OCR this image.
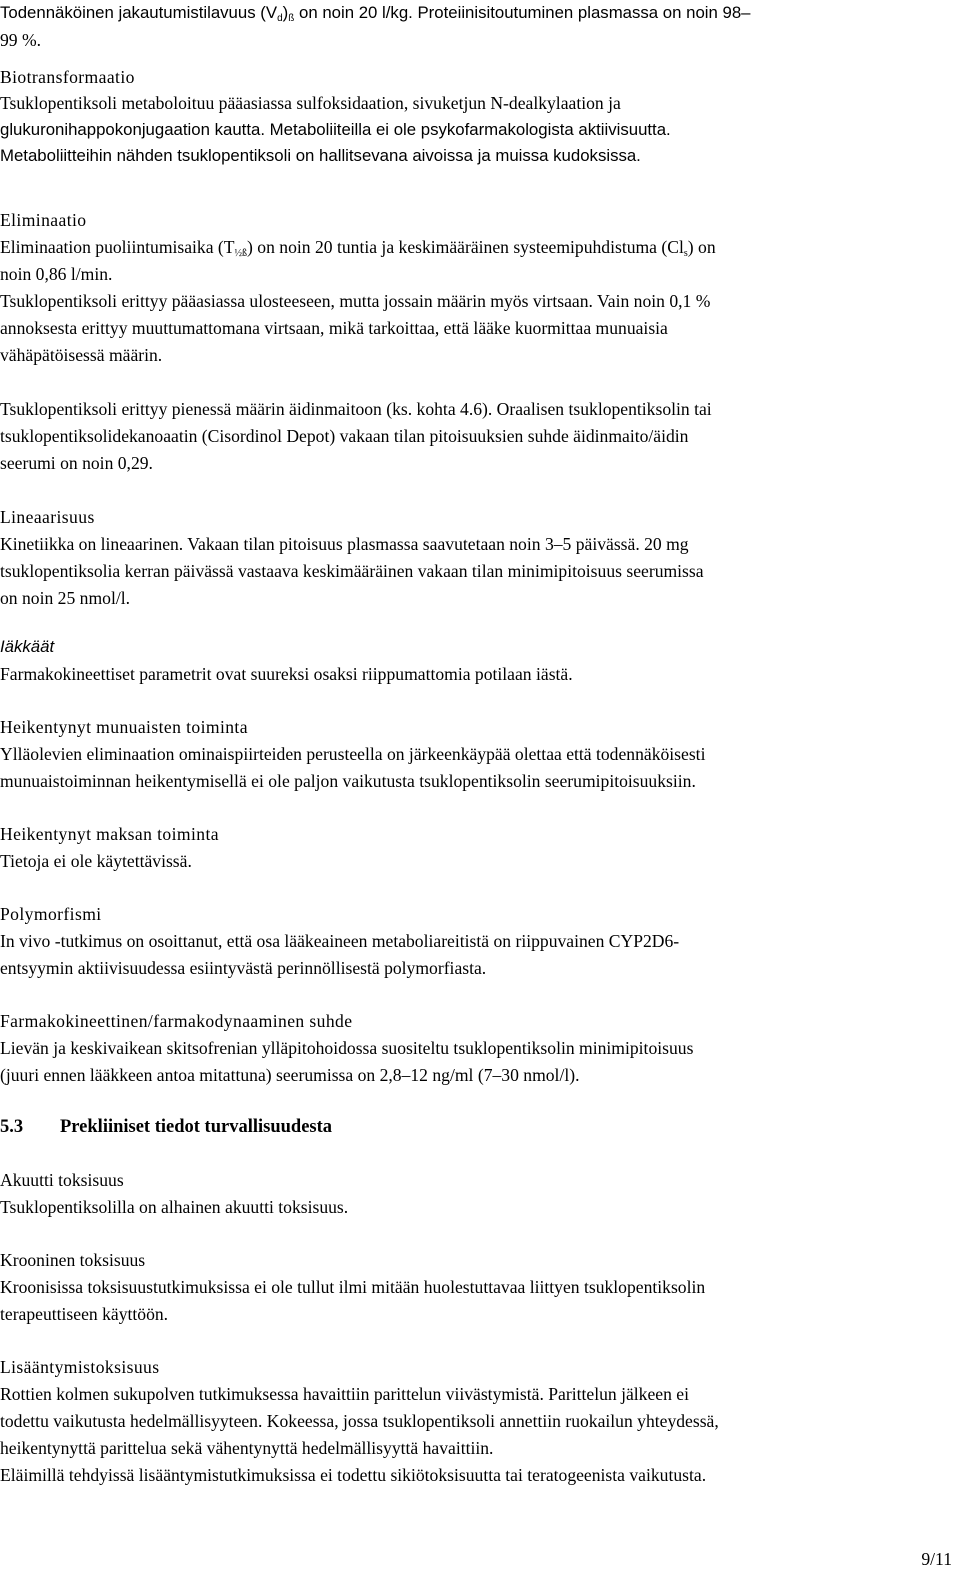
Todennäköinen jakautumistilavuus $(V_d)_ß$ on noin 20 l/kg. Proteiinisitoutuminen plasmassa on noin 98–
99 %.
Biotransformaatio
Tsuklopentiksoli metaboloituu pääasiassa sulfoksidaation, sivuketjun N-dealkylaation ja
glukuronihappokonjugaation kautta. Metaboliiteilla ei ole psykofarmakologista aktiivisuutta.
Metaboliitteihin nähden tsuklopentiksoli on hallitsevana aivoissa ja muissa kudoksissa.
Eliminaatio
Eliminaation puoliintumisaika $(T_{\frac{1}{2}ß})$ on noin 20 tuntia ja keskimääräinen systeemipuhdistuma $(Cl_s)$ on
noin 0,86 l/min.
Tsuklopentiksoli erittyy pääasiassa ulosteeseen, mutta jossain määrin myös virtsaan. Vain noin 0,1 %
annoksesta erittyy muuttumattomana virtsaan, mikä tarkoittaa, että lääke kuormittaa munuaisia
vähäpätöisessä määrin.
Tsuklopentiksoli erittyy pienessä määrin äidinmaitoon (ks. kohta 4.6). Oraalisen tsuklopentiksolin tai
tsuklopentiksolidekanoaatin (Cisordinol Depot) vakaan tilan pitoisuuksien suhde äidinmaito/äidin
seerumi on noin 0,29.
Lineaarisuus
Kinetiikka on lineaarinen. Vakaan tilan pitoisuus plasmassa saavutetaan noin 3–5 päivässä. 20 mg
tsuklopentiksolia kerran päivässä vastaava keskimääräinen vakaan tilan minimipitoisuus seerumissa
on noin 25 nmol/l.
Iäkkäät
Farmakokineettiset parametrit ovat suureksi osaksi riippumattomia potilaan iästä.
Heikentynyt munuaisten toiminta
Ylläolevien eliminaation ominaispiirteiden perusteella on järkeenkäypää olettaa että todennäköisesti
munuaistoiminnan heikentymisellä ei ole paljon vaikutusta tsuklopentiksolin seerumipitoisuuksiin.
Heikentynyt maksan toiminta
Tietoja ei ole käytettävissä.
Polymorfismi
In vivo -tutkimus on osoittanut, että osa lääkeaineen metaboliareitistä on riippuvainen CYP2D6-
entsyymin aktiivisuudessa esiintyvästä perinnöllisestä polymorfiasta.
Farmakokineettinen/farmakodynaaminen suhde
Lievän ja keskivaikean skitsofrenian ylläpitohoidossa suositeltu tsuklopentiksolin minimipitoisuus
(juuri ennen lääkkeen antoa mitattuna) seerumissa on 2,8–12 ng/ml (7–30 nmol/l).
5.3 Prekliiniset tiedot turvallisuudesta
Akuutti toksisuus
Tsuklopentiksolilla on alhainen akuutti toksisuus.
Krooninen toksisuus
Kroonisissa toksisuustutkimuksissa ei ole tullut ilmi mitään huolestuttavaa liittyen tsuklopentiksolin
terapeuttiseen käyttöön.
Lisääntymistoksisuus
Rottien kolmen sukupolven tutkimuksessa havaittiin parittelun viivästymistä. Parittelun jälkeen ei
todettu vaikutusta hedelmällisyyteen. Kokeessa, jossa tsuklopentiksoli annettiin ruokailun yhteydessä,
heikentynyttä parittelua sekä vähentynyttä hedelmällisyyttä havaittiin.
Eläimillä tehdyissä lisääntymistutkimuksissa ei todettu sikiötoksisuutta tai teratogeenista vaikutusta.
9/11
